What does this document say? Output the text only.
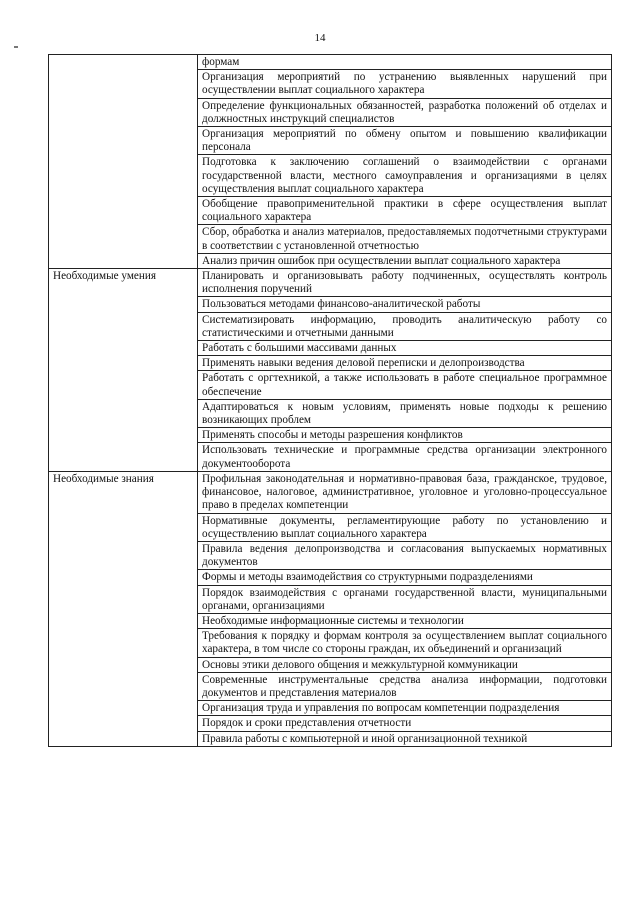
14
	формам
	Организация мероприятий по устранению выявленных нарушений при осуществлении выплат социального характера
	Определение функциональных обязанностей, разработка положений об отделах и должностных инструкций специалистов
	Организация мероприятий по обмену опытом и повышению квалификации персонала
	Подготовка к заключению соглашений о взаимодействии с органами государственной власти, местного самоуправления и организациями в целях осуществления выплат социального характера
	Обобщение правоприменительной практики в сфере осуществления выплат социального характера
	Сбор, обработка и анализ материалов, предоставляемых подотчетными структурами в соответствии с установленной отчетностью
	Анализ причин ошибок при осуществлении выплат социального характера
Необходимые умения	Планировать и организовывать работу подчиненных, осуществлять контроль исполнения поручений
	Пользоваться методами финансово-аналитической работы
	Систематизировать информацию, проводить аналитическую работу со статистическими и отчетными данными
	Работать с большими массивами данных
	Применять навыки ведения деловой переписки и делопроизводства
	Работать с оргтехникой, а также использовать в работе специальное программное обеспечение
	Адаптироваться к новым условиям, применять новые подходы к решению возникающих проблем
	Применять способы и методы разрешения конфликтов
	Использовать технические и программные средства организации электронного документооборота
Необходимые знания	Профильная законодательная и нормативно-правовая база, гражданское, трудовое, финансовое, налоговое, административное, уголовное и уголовно-процессуальное право в пределах компетенции
	Нормативные документы, регламентирующие работу по установлению и осуществлению выплат социального характера
	Правила ведения делопроизводства и согласования выпускаемых нормативных документов
	Формы и методы взаимодействия со структурными подразделениями
	Порядок взаимодействия с органами государственной власти, муниципальными органами, организациями
	Необходимые информационные системы и технологии
	Требования к порядку и формам контроля за осуществлением выплат социального характера, в том числе со стороны граждан, их объединений и организаций
	Основы этики делового общения и межкультурной коммуникации
	Современные инструментальные средства анализа информации, подготовки документов и представления материалов
	Организация труда и управления по вопросам компетенции подразделения
	Порядок и сроки представления отчетности
	Правила работы с компьютерной и иной организационной техникой
